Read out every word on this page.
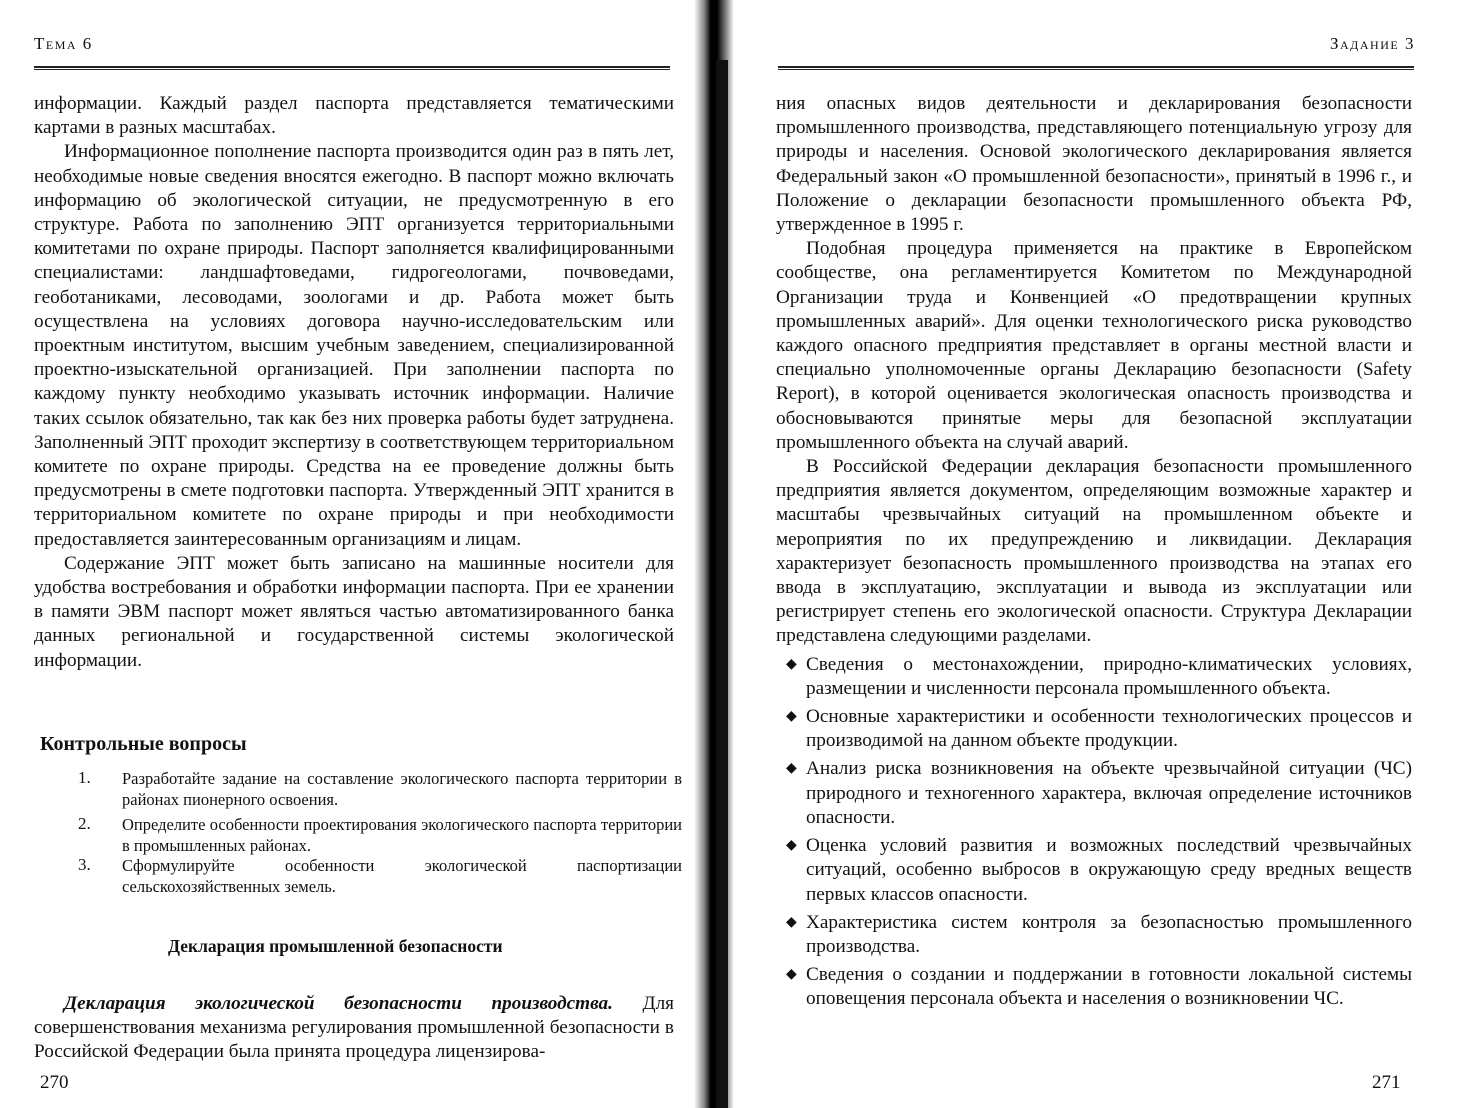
Тема 6

информации. Каждый раздел паспорта представляется тематическими картами в разных масштабах.

Информационное пополнение паспорта производится один раз в пять лет, необходимые новые сведения вносятся ежегодно. В паспорт можно включать информацию об экологической ситуации, не предусмотренную в его структуре. Работа по заполнению ЭПТ организуется территориальными комитетами по охране природы. Паспорт заполняется квалифицированными специалистами: ландшафтоведами, гидрогеологами, почвоведами, геоботаниками, лесоводами, зоологами и др. Работа может быть осуществлена на условиях договора научно-исследовательским или проектным институтом, высшим учебным заведением, специализированной проектно-изыскательной организацией. При заполнении паспорта по каждому пункту необходимо указывать источник информации. Наличие таких ссылок обязательно, так как без них проверка работы будет затруднена. Заполненный ЭПТ проходит экспертизу в соответствующем территориальном комитете по охране природы. Средства на ее проведение должны быть предусмотрены в смете подготовки паспорта. Утвержденный ЭПТ хранится в территориальном комитете по охране природы и при необходимости предоставляется заинтересованным организациям и лицам.

Содержание ЭПТ может быть записано на машинные носители для удобства востребования и обработки информации паспорта. При ее хранении в памяти ЭВМ паспорт может являться частью автоматизированного банка данных региональной и государственной системы экологической информации.

Контрольные вопросы
1. Разработайте задание на составление экологического паспорта территории в районах пионерного освоения.
2. Определите особенности проектирования экологического паспорта территории в промышленных районах.
3. Сформулируйте особенности экологической паспортизации сельскохозяйственных земель.
Декларация промышленной безопасности

Декларация экологической безопасности производства. Для совершенствования механизма регулирования промышленной безопасности в Российской Федерации была принята процедура лицензирова-

270
Задание 3

ния опасных видов деятельности и декларирования безопасности промышленного производства, представляющего потенциальную угрозу для природы и населения. Основой экологического декларирования является Федеральный закон «О промышленной безопасности», принятый в 1996 г., и Положение о декларации безопасности промышленного объекта РФ, утвержденное в 1995 г.

Подобная процедура применяется на практике в Европейском сообществе, она регламентируется Комитетом по Международной Организации труда и Конвенцией «О предотвращении крупных промышленных аварий». Для оценки технологического риска руководство каждого опасного предприятия представляет в органы местной власти и специально уполномоченные органы Декларацию безопасности (Safety Report), в которой оценивается экологическая опасность производства и обосновываются принятые меры для безопасной эксплуатации промышленного объекта на случай аварий.

В Российской Федерации декларация безопасности промышленного предприятия является документом, определяющим возможные характер и масштабы чрезвычайных ситуаций на промышленном объекте и мероприятия по их предупреждению и ликвидации. Декларация характеризует безопасность промышленного производства на этапах его ввода в эксплуатацию, эксплуатации и вывода из эксплуатации или регистрирует степень его экологической опасности. Структура Декларации представлена следующими разделами.

◆ Сведения о местонахождении, природно-климатических условиях, размещении и численности персонала промышленного объекта.
◆ Основные характеристики и особенности технологических процессов и производимой на данном объекте продукции.
◆ Анализ риска возникновения на объекте чрезвычайной ситуации (ЧС) природного и техногенного характера, включая определение источников опасности.
◆ Оценка условий развития и возможных последствий чрезвычайных ситуаций, особенно выбросов в окружающую среду вредных веществ первых классов опасности.
◆ Характеристика систем контроля за безопасностью промышленного производства.
◆ Сведения о создании и поддержании в готовности локальной системы оповещения персонала объекта и населения о возникновении ЧС.
271
